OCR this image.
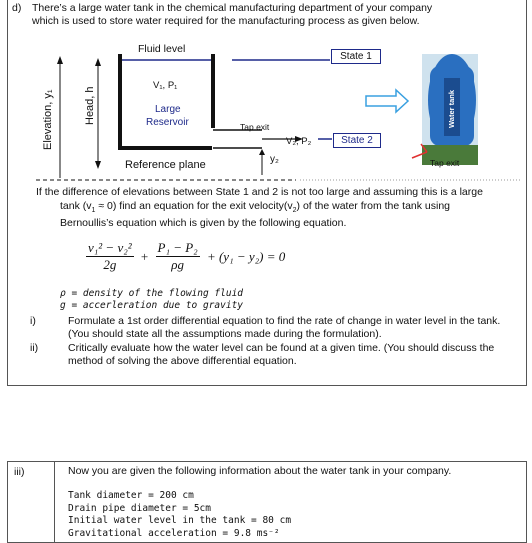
d) There’s a large water tank in the chemical manufacturing department of your company
which is used to store water required for the manufacturing process as given below.
Fluid level
V₁, P₁
Large
Reservoir	Tap exit
V₂, P₂
y₂
Reference plane
Elevation, y₁	Head, h
State 1
State 2
Water tank
Tap exit
If the difference of elevations between State 1 and 2 is not too large and assuming this is a large
tank $(v_1 \approx 0)$ find an equation for the exit $velocity(v_2)$ of the water from the tank using
Bernoullis’s equation which is given by the following equation.
$\frac{\text{v₁² − v₂²}}{2g} + \frac{\text{P₁ − P₂}}{\rho g} + (y_1 - y_2) = 0$
ρ = density of the flowing fluid
g = accerleration due to gravity
i)	Formulate a 1st order differential equation to find the rate of change in water level in the tank. (You should state all the assumptions made during the formulation).
ii)	Critically evaluate how the water level can be found at a given time. (You should discuss the method of solving the above differential equation.
iii)	Now you are given the following information about the water tank in your company.
Tank diameter = 200 cm
Drain pipe diameter = 5cm
Initial water level in the tank = 80 cm
Gravitational acceleration = 9.8 ms⁻²
